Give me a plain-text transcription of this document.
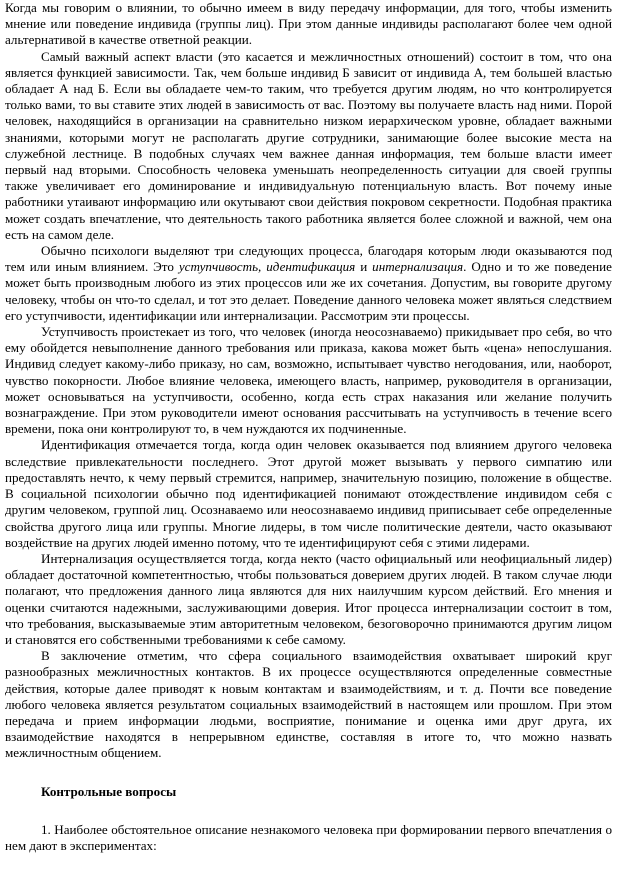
Когда мы говорим о влиянии, то обычно имеем в виду передачу информации, для того, чтобы изменить мнение или поведение индивида (группы лиц). При этом данные индивиды располагают более чем одной альтернативой в качестве ответной реакции.

Самый важный аспект власти (это касается и межличностных отношений) состоит в том, что она является функцией зависимости. Так, чем больше индивид Б зависит от индивида А, тем большей властью обладает А над Б. Если вы обладаете чем-то таким, что требуется другим людям, но что контролируется только вами, то вы ставите этих людей в зависимость от вас. Поэтому вы получаете власть над ними. Порой человек, находящийся в организации на сравнительно низком иерархическом уровне, обладает важными знаниями, которыми могут не располагать другие сотрудники, занимающие более высокие места на служебной лестнице. В подобных случаях чем важнее данная информация, тем больше власти имеет первый над вторыми. Способность человека уменьшать неопределенность ситуации для своей группы также увеличивает его доминирование и индивидуальную потенциальную власть. Вот почему иные работники утаивают информацию или окутывают свои действия покровом секретности. Подобная практика может создать впечатление, что деятельность такого работника является более сложной и важной, чем она есть на самом деле.

Обычно психологи выделяют три следующих процесса, благодаря которым люди оказываются под тем или иным влиянием. Это уступчивость, идентификация и интернализация. Одно и то же поведение может быть производным любого из этих процессов или же их сочетания. Допустим, вы говорите другому человеку, чтобы он что-то сделал, и тот это делает. Поведение данного человека может являться следствием его уступчивости, идентификации или интернализации. Рассмотрим эти процессы.

Уступчивость проистекает из того, что человек (иногда неосознаваемо) прикидывает про себя, во что ему обойдется невыполнение данного требования или приказа, какова может быть «цена» непослушания. Индивид следует какому-либо приказу, но сам, возможно, испытывает чувство негодования, или, наоборот, чувство покорности. Любое влияние человека, имеющего власть, например, руководителя в организации, может основываться на уступчивости, особенно, когда есть страх наказания или желание получить вознаграждение. При этом руководители имеют основания рассчитывать на уступчивость в течение всего времени, пока они контролируют то, в чем нуждаются их подчиненные.

Идентификация отмечается тогда, когда один человек оказывается под влиянием другого человека вследствие привлекательности последнего. Этот другой может вызывать у первого симпатию или предоставлять нечто, к чему первый стремится, например, значительную позицию, положение в обществе. В социальной психологии обычно под идентификацией понимают отождествление индивидом себя с другим человеком, группой лиц. Осознаваемо или неосознаваемо индивид приписывает себе определенные свойства другого лица или группы. Многие лидеры, в том числе политические деятели, часто оказывают воздействие на других людей именно потому, что те идентифицируют себя с этими лидерами.

Интернализация осуществляется тогда, когда некто (часто официальный или неофициальный лидер) обладает достаточной компетентностью, чтобы пользоваться доверием других людей. В таком случае люди полагают, что предложения данного лица являются для них наилучшим курсом действий. Его мнения и оценки считаются надежными, заслуживающими доверия. Итог процесса интернализации состоит в том, что требования, высказываемые этим авторитетным человеком, безоговорочно принимаются другим лицом и становятся его собственными требованиями к себе самому.

В заключение отметим, что сфера социального взаимодействия охватывает широкий круг разнообразных межличностных контактов. В их процессе осуществляются определенные совместные действия, которые далее приводят к новым контактам и взаимодействиям, и т. д. Почти все поведение любого человека является результатом социальных взаимодействий в настоящем или прошлом. При этом передача и прием информации людьми, восприятие, понимание и оценка ими друг друга, их взаимодействие находятся в непрерывном единстве, составляя в итоге то, что можно назвать межличностным общением.

Контрольные вопросы

1. Наиболее обстоятельное описание незнакомого человека при формировании первого впечатления о нем дают в экспериментах:
